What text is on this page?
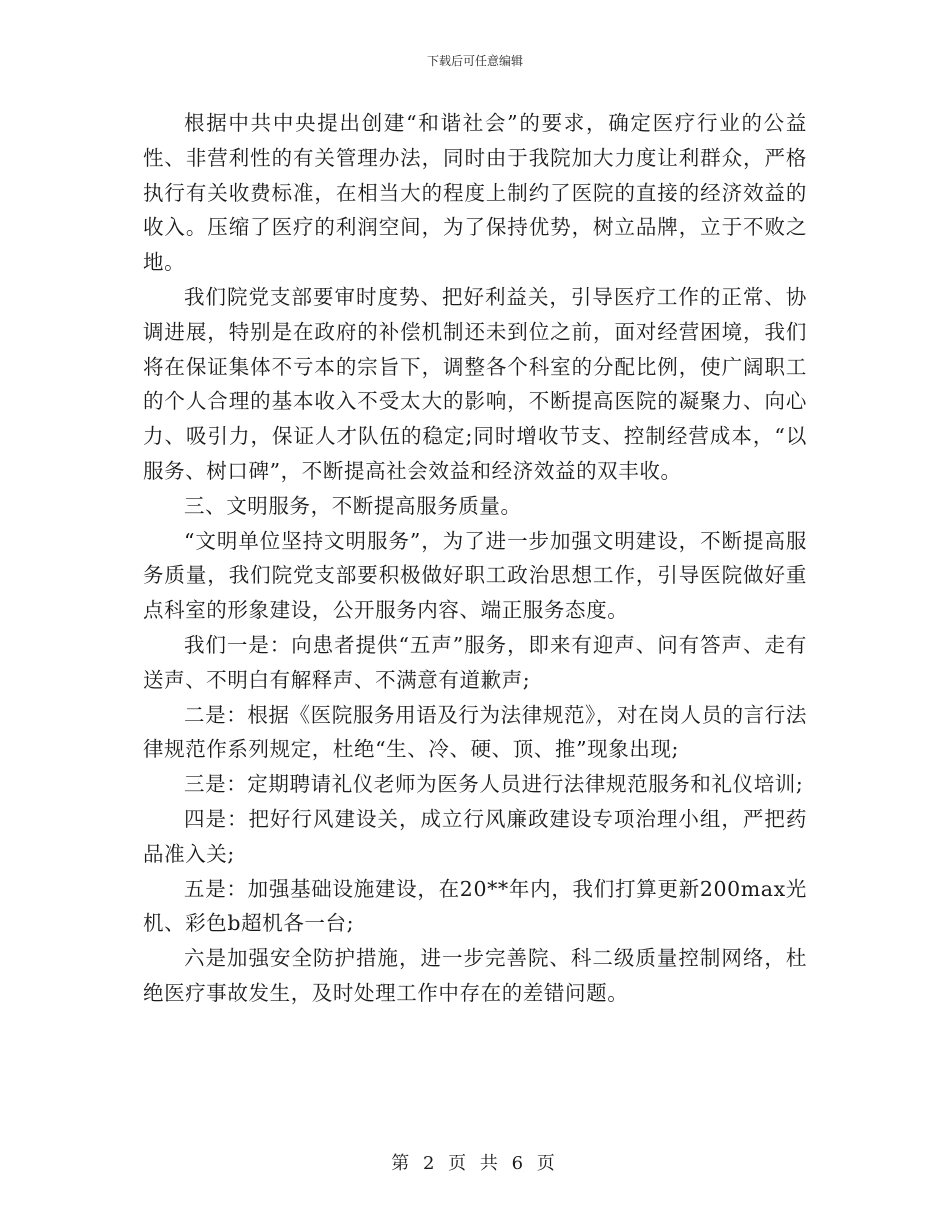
下载后可任意编辑

根据中共中央提出创建“和谐社会”的要求，确定医疗行业的公益性、非营利性的有关管理办法，同时由于我院加大力度让利群众，严格执行有关收费标准，在相当大的程度上制约了医院的直接的经济效益的收入。压缩了医疗的利润空间，为了保持优势，树立品牌，立于不败之地。

我们院党支部要审时度势、把好利益关，引导医疗工作的正常、协调进展，特别是在政府的补偿机制还未到位之前，面对经营困境，我们将在保证集体不亏本的宗旨下，调整各个科室的分配比例，使广阔职工的个人合理的基本收入不受太大的影响，不断提高医院的凝聚力、向心力、吸引力，保证人才队伍的稳定;同时增收节支、控制经营成本，“以服务、树口碑”，不断提高社会效益和经济效益的双丰收。

三、文明服务，不断提高服务质量。

“文明单位坚持文明服务”，为了进一步加强文明建设，不断提高服务质量，我们院党支部要积极做好职工政治思想工作，引导医院做好重点科室的形象建设，公开服务内容、端正服务态度。

我们一是：向患者提供“五声”服务，即来有迎声、问有答声、走有送声、不明白有解释声、不满意有道歉声;

二是：根据《医院服务用语及行为法律规范》，对在岗人员的言行法律规范作系列规定，杜绝“生、冷、硬、顶、推”现象出现;

三是：定期聘请礼仪老师为医务人员进行法律规范服务和礼仪培训;

四是：把好行风建设关，成立行风廉政建设专项治理小组，严把药品准入关;

五是：加强基础设施建设，在20**年内，我们打算更新200max光机、彩色b超机各一台;

六是加强安全防护措施，进一步完善院、科二级质量控制网络，杜绝医疗事故发生，及时处理工作中存在的差错问题。

第 2 页 共 6 页
